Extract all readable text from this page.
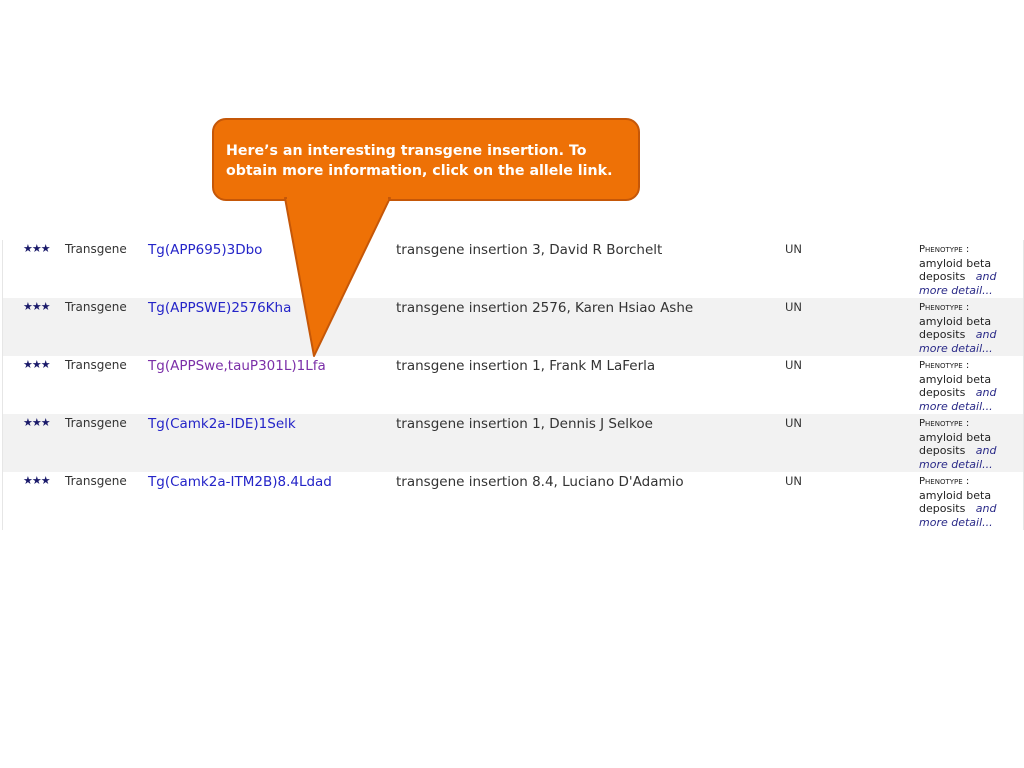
★★★ Transgene Tg(APP695)3Dbo	transgene insertion 3, David R Borchelt	UN	Phenotype :
amyloid beta
deposits and
more detail...
★★★ Transgene Tg(APPSWE)2576Kha	transgene insertion 2576, Karen Hsiao Ashe	UN	Phenotype :
amyloid beta
deposits and
more detail...
★★★ Transgene Tg(APPSwe,tauP301L)1Lfa	transgene insertion 1, Frank M LaFerla	UN	Phenotype :
amyloid beta
deposits and
more detail...
★★★ Transgene Tg(Camk2a-IDE)1Selk	transgene insertion 1, Dennis J Selkoe	UN	Phenotype :
amyloid beta
deposits and
more detail...
★★★ Transgene Tg(Camk2a-ITM2B)8.4Ldad	transgene insertion 8.4, Luciano D'Adamio	UN	Phenotype :
amyloid beta
deposits and
more detail...
Here’s an interesting transgene insertion. To
obtain more information, click on the allele link.
